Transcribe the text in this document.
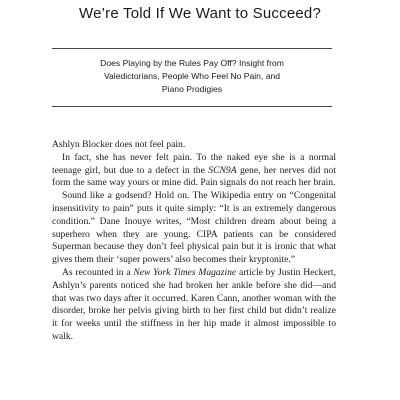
We’re Told If We Want to Succeed?
Does Playing by the Rules Pay Off? Insight from
Valedictorians, People Who Feel No Pain, and
Piano Prodigies

Ashlyn Blocker does not feel pain.

In fact, she has never felt pain. To the naked eye she is a normal teenage girl, but due to a defect in the SCN9A gene, her nerves did not form the same way yours or mine did. Pain signals do not reach her brain.

Sound like a godsend? Hold on. The Wikipedia entry on “Congenital insensitivity to pain” puts it quite simply: “It is an extremely dangerous condition.” Dane Inouye writes, “Most children dream about being a superhero when they are young. CIPA patients can be considered Superman because they don’t feel physical pain but it is ironic that what gives them their ‘super powers’ also becomes their kryptonite.”

As recounted in a New York Times Magazine article by Justin Heckert, Ashlyn’s parents noticed she had broken her ankle before she did—and that was two days after it occurred. Karen Cann, another woman with the disorder, broke her pelvis giving birth to her first child but didn’t realize it for weeks until the stiffness in her hip made it almost impossible to walk.
